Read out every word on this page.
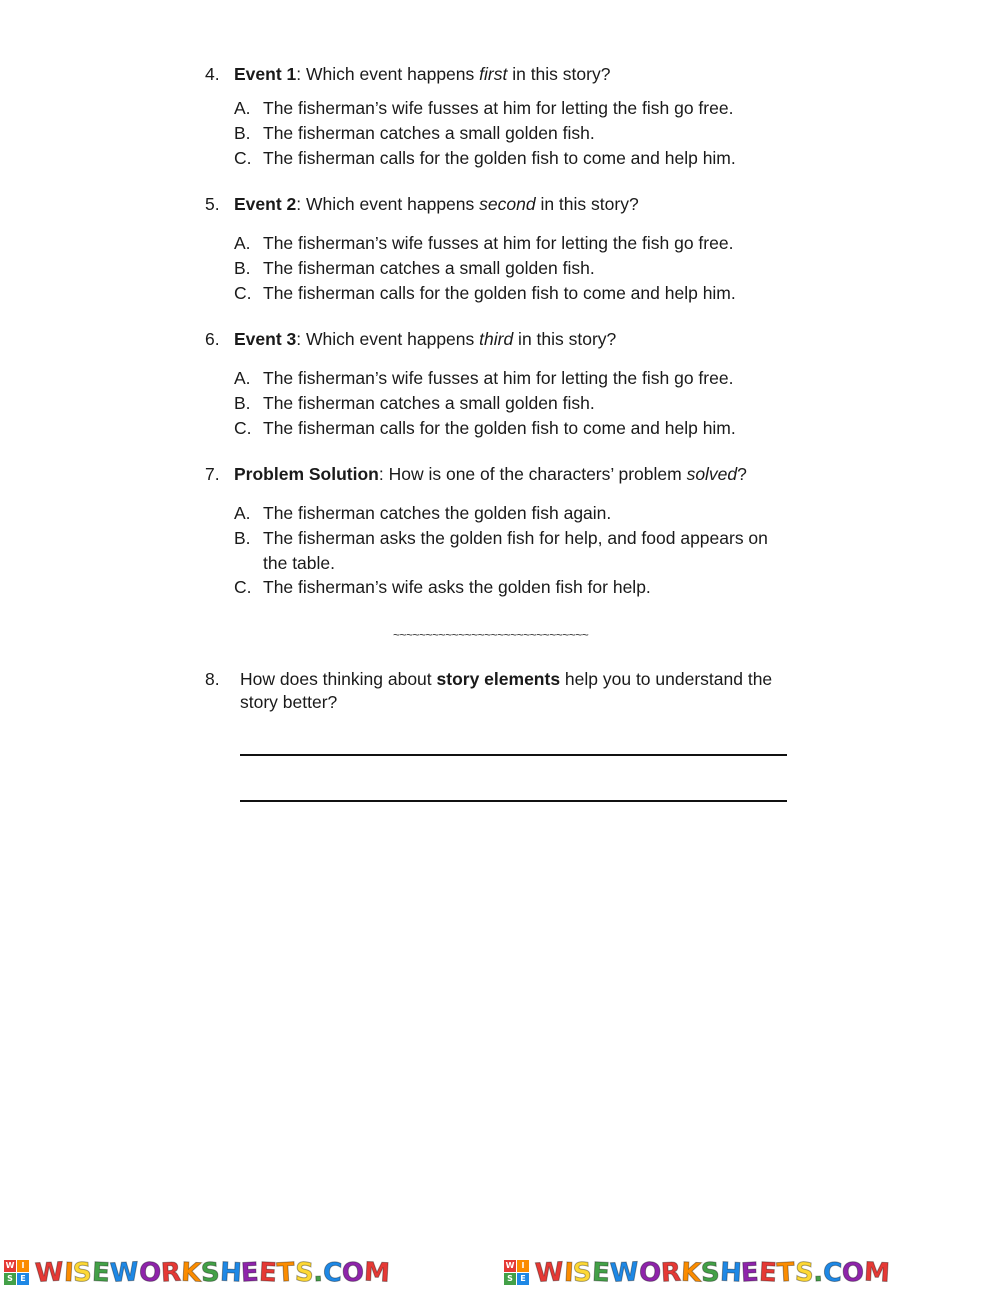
4. Event 1: Which event happens first in this story?
A. The fisherman’s wife fusses at him for letting the fish go free.
B. The fisherman catches a small golden fish.
C. The fisherman calls for the golden fish to come and help him.
5. Event 2: Which event happens second in this story?
A. The fisherman’s wife fusses at him for letting the fish go free.
B. The fisherman catches a small golden fish.
C. The fisherman calls for the golden fish to come and help him.
6. Event 3: Which event happens third in this story?
A. The fisherman’s wife fusses at him for letting the fish go free.
B. The fisherman catches a small golden fish.
C. The fisherman calls for the golden fish to come and help him.
7. Problem Solution: How is one of the characters’ problem solved?
A. The fisherman catches the golden fish again.
B. The fisherman asks the golden fish for help, and food appears on the table.
C. The fisherman’s wife asks the golden fish for help.
~~~~~~~~~~~~~~~~~~~~~~~~~~~~~~
8. How does thinking about story elements help you to understand the story better?
W I
S E W
I
S
E
W
O
R
K
S
H
E
E
T
S
.
C
O
M	W I
S E W
I
S
E
W
O
R
K
S
H
E
E
T
S
.
C
O
M
